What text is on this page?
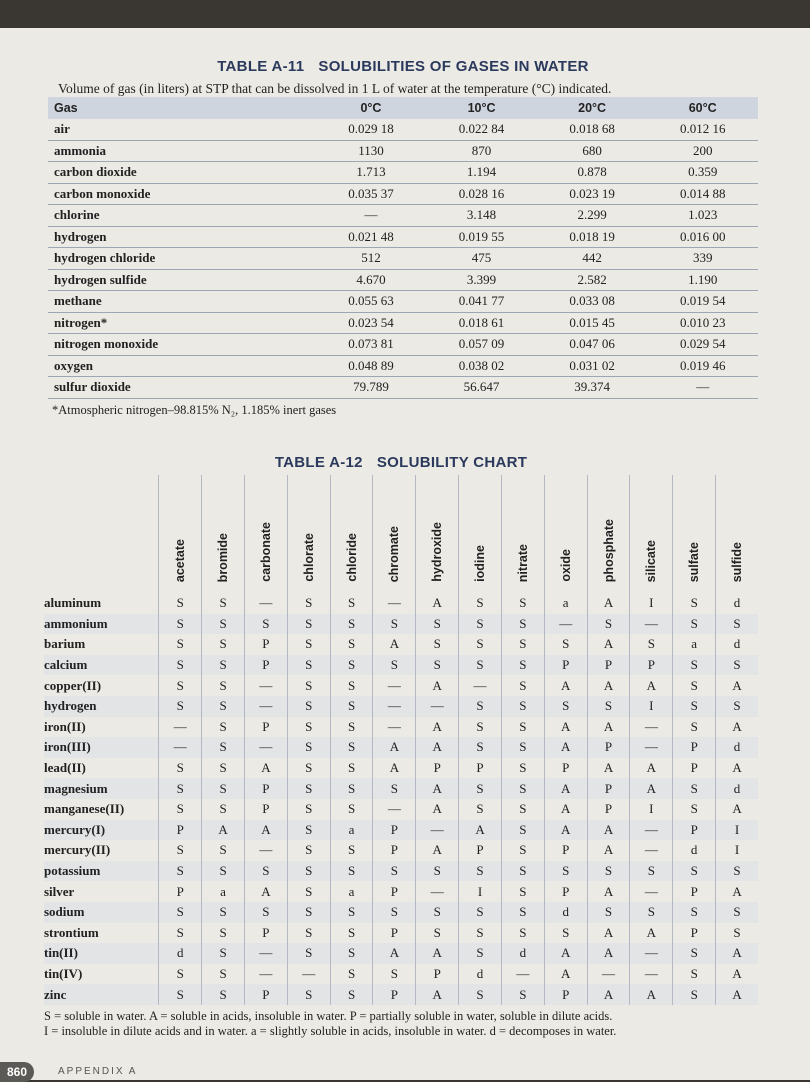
TABLE A-11 SOLUBILITIES OF GASES IN WATER
Volume of gas (in liters) at STP that can be dissolved in 1 L of water at the temperature (°C) indicated.
Gas	0°C	10°C	20°C	60°C
air	0.029 18	0.022 84	0.018 68	0.012 16
ammonia	1130	870	680	200
carbon dioxide	1.713	1.194	0.878	0.359
carbon monoxide	0.035 37	0.028 16	0.023 19	0.014 88
chlorine	—	3.148	2.299	1.023
hydrogen	0.021 48	0.019 55	0.018 19	0.016 00
hydrogen chloride	512	475	442	339
hydrogen sulfide	4.670	3.399	2.582	1.190
methane	0.055 63	0.041 77	0.033 08	0.019 54
nitrogen*	0.023 54	0.018 61	0.015 45	0.010 23
nitrogen monoxide	0.073 81	0.057 09	0.047 06	0.029 54
oxygen	0.048 89	0.038 02	0.031 02	0.019 46
sulfur dioxide	79.789	56.647	39.374	—
*Atmospheric nitrogen–98.815% N₂, 1.185% inert gases
TABLE A-12 SOLUBILITY CHART
	acetate	bromide	carbonate	chlorate	chloride	chromate	hydroxide	iodine	nitrate	oxide	phosphate	silicate	sulfate	sulfide
aluminum	S	S	—	S	S	—	A	S	S	a	A	I	S	d
ammonium	S	S	S	S	S	S	S	S	S	—	S	—	S	S
barium	S	S	P	S	S	A	S	S	S	S	A	S	a	d
calcium	S	S	P	S	S	S	S	S	S	P	P	P	S	S
copper(II)	S	S	—	S	S	—	A	—	S	A	A	A	S	A
hydrogen	S	S	—	S	S	—	—	S	S	S	S	I	S	S
iron(II)	—	S	P	S	S	—	A	S	S	A	A	—	S	A
iron(III)	—	S	—	S	S	A	A	S	S	A	P	—	P	d
lead(II)	S	S	A	S	S	A	P	P	S	P	A	A	P	A
magnesium	S	S	P	S	S	S	A	S	S	A	P	A	S	d
manganese(II)	S	S	P	S	S	—	A	S	S	A	P	I	S	A
mercury(I)	P	A	A	S	a	P	—	A	S	A	A	—	P	I
mercury(II)	S	S	—	S	S	P	A	P	S	P	A	—	d	I
potassium	S	S	S	S	S	S	S	S	S	S	S	S	S	S
silver	P	a	A	S	a	P	—	I	S	P	A	—	P	A
sodium	S	S	S	S	S	S	S	S	S	d	S	S	S	S
strontium	S	S	P	S	S	P	S	S	S	S	A	A	P	S
tin(II)	d	S	—	S	S	A	A	S	d	A	A	—	S	A
tin(IV)	S	S	—	—	S	S	P	d	—	A	—	—	S	A
zinc	S	S	P	S	S	P	A	S	S	P	A	A	S	A
S = soluble in water. A = soluble in acids, insoluble in water. P = partially soluble in water, soluble in dilute acids.
I = insoluble in dilute acids and in water. a = slightly soluble in acids, insoluble in water. d = decomposes in water.
860	APPENDIX A
